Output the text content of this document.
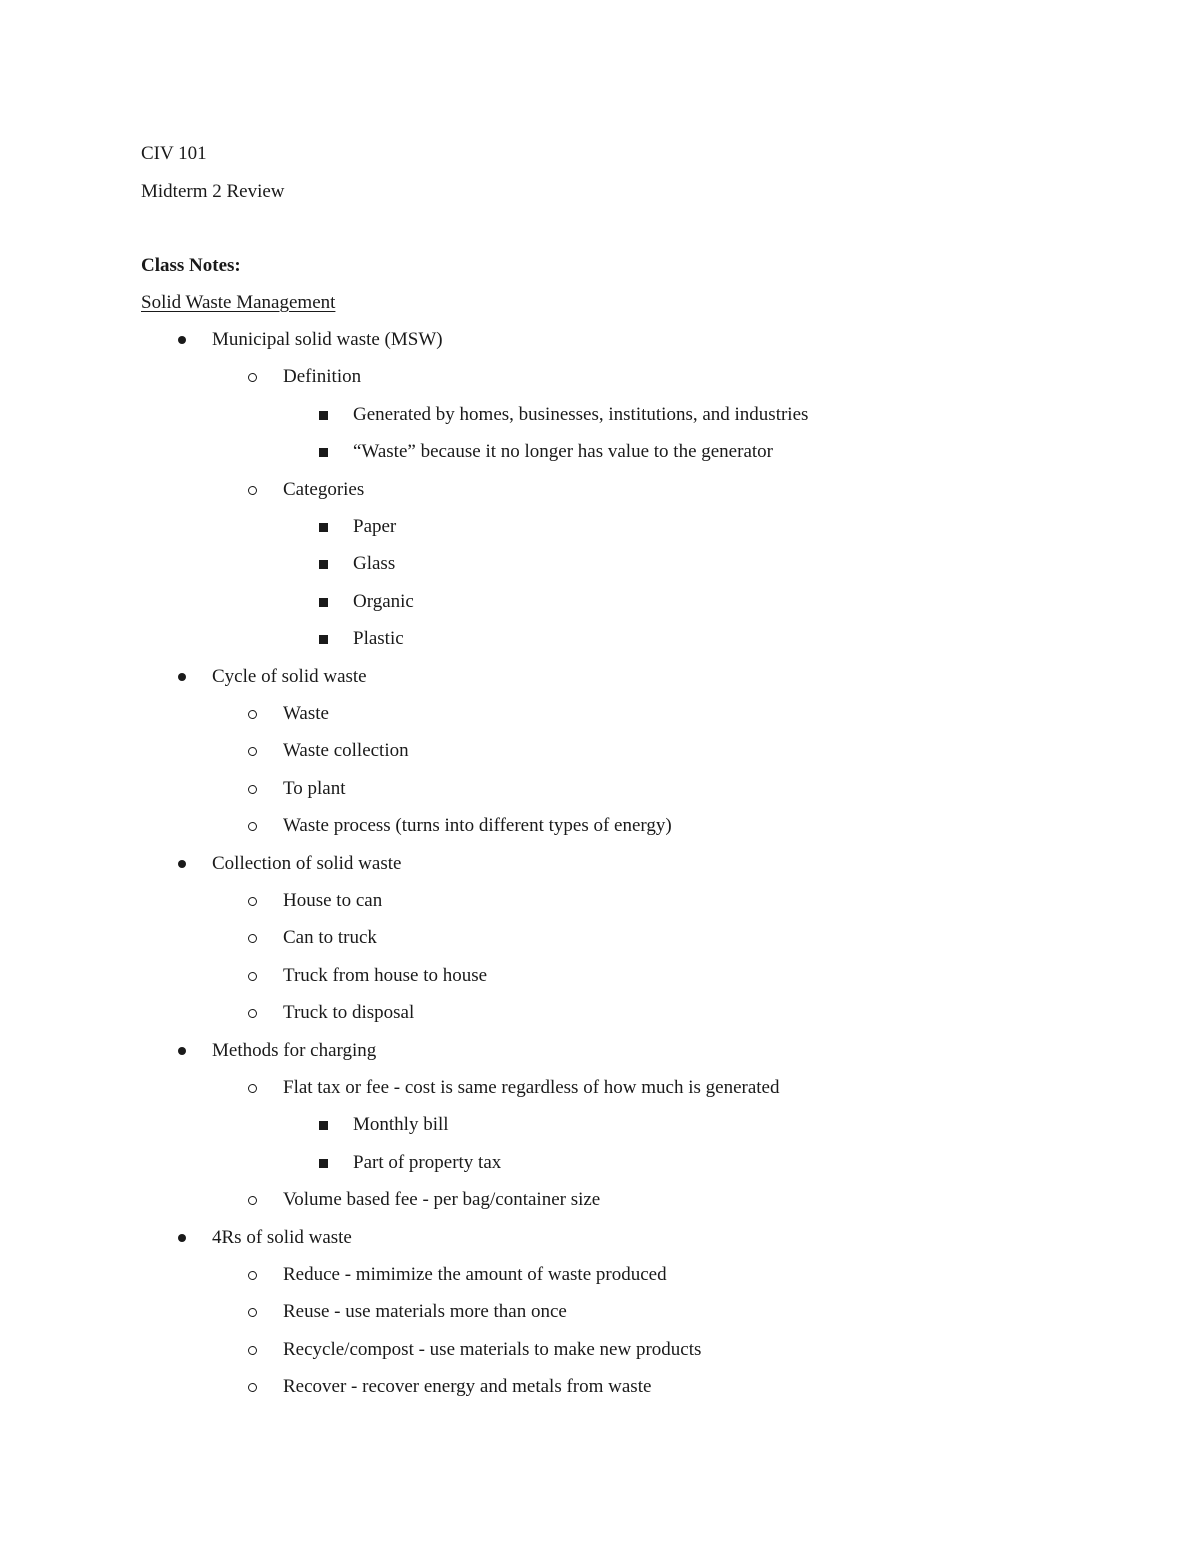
CIV 101
Midterm 2 Review
Class Notes:
Solid Waste Management
Municipal solid waste (MSW)
Definition
Generated by homes, businesses, institutions, and industries
“Waste” because it no longer has value to the generator
Categories
Paper
Glass
Organic
Plastic
Cycle of solid waste
Waste
Waste collection
To plant
Waste process (turns into different types of energy)
Collection of solid waste
House to can
Can to truck
Truck from house to house
Truck to disposal
Methods for charging
Flat tax or fee - cost is same regardless of how much is generated
Monthly bill
Part of property tax
Volume based fee - per bag/container size
4Rs of solid waste
Reduce - mimimize the amount of waste produced
Reuse - use materials more than once
Recycle/compost - use materials to make new products
Recover - recover energy and metals from waste
